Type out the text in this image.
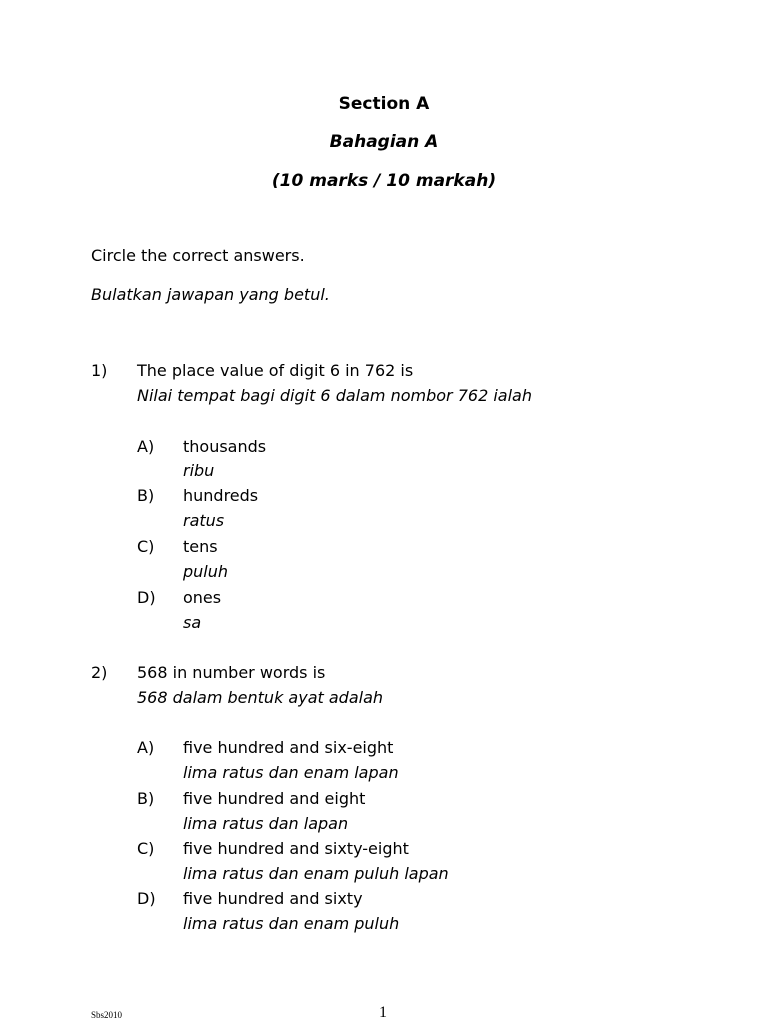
Section A
Bahagian A
(10 marks / 10 markah)
Circle the correct answers.
Bulatkan jawapan yang betul.
1) The place value of digit 6 in 762 is
Nilai tempat bagi digit 6 dalam nombor 762 ialah
A) thousands
ribu
B) hundreds
ratus
C) tens
puluh
D) ones
sa
2) 568 in number words is
568 dalam bentuk ayat adalah
A) five hundred and six-eight
lima ratus dan enam lapan
B) five hundred and eight
lima ratus dan lapan
C) five hundred and sixty-eight
lima ratus dan enam puluh lapan
D) five hundred and sixty
lima ratus dan enam puluh
Sbs2010	1
